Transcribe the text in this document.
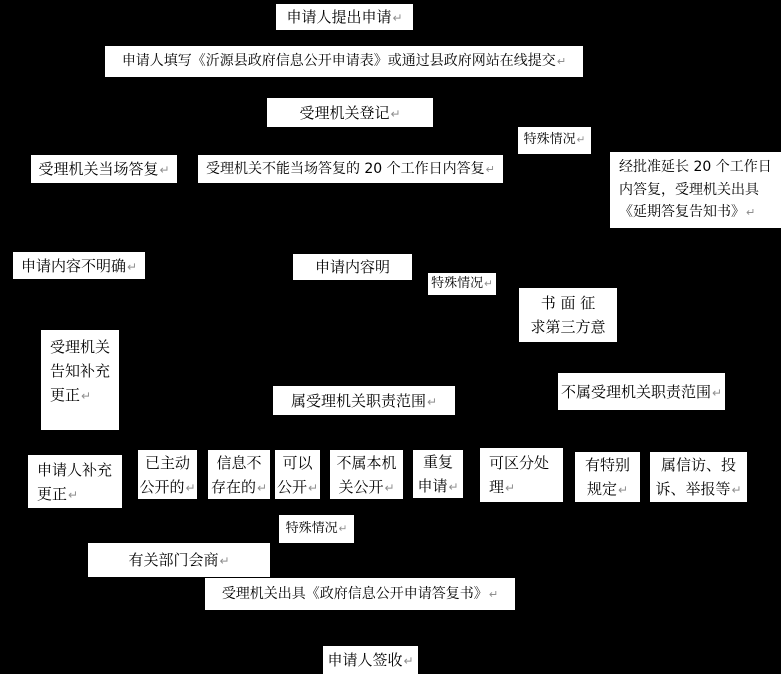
申请人提出申请↵
申请人填写《沂源县政府信息公开申请表》或通过县政府网站在线提交↵
受理机关登记↵
特殊情况↵
受理机关当场答复↵	受理机关不能当场答复的 20 个工作日内答复↵	经批准延长 20 个工作日
内答复，受理机关出具
《延期答复告知书》↵
申请内容不明确↵	申请内容明
特殊情况↵
书 面 征
求第三方意
受理机关
告知补充
更正↵	属受理机关职责范围↵
不属受理机关职责范围↵
申请人补充
更正↵
已主动
公开的↵
信息不
存在的↵
可以
公开↵
不属本机
关公开↵
重复
申请↵
可区分处
理↵
有特别
规定↵
属信访、投
诉、举报等↵
特殊情况↵
有关部门会商↵
受理机关出具《政府信息公开申请答复书》↵
申请人签收↵
